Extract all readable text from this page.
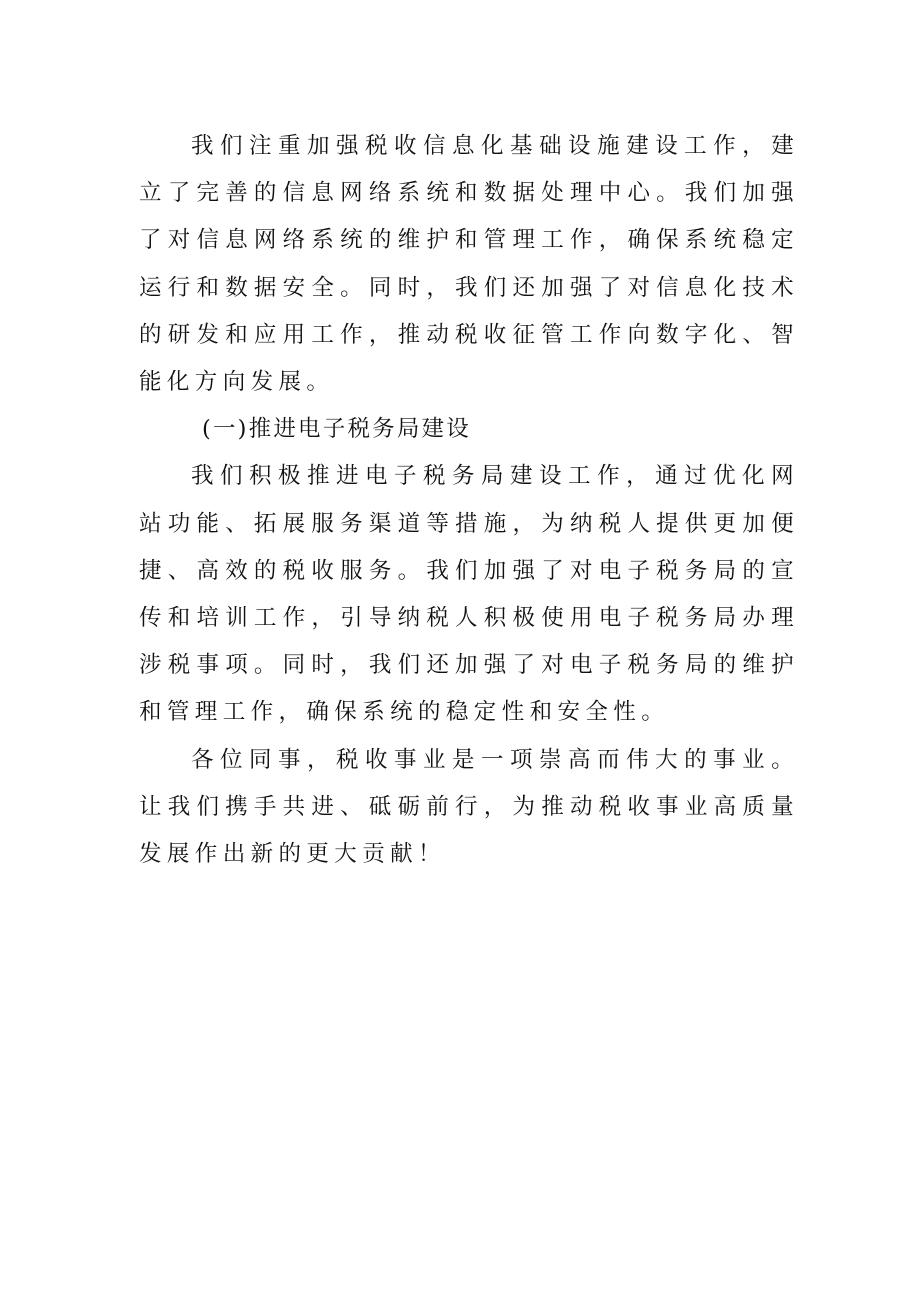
我们注重加强税收信息化基础设施建设工作，建立了完善的信息网络系统和数据处理中心。我们加强了对信息网络系统的维护和管理工作，确保系统稳定运行和数据安全。同时，我们还加强了对信息化技术的研发和应用工作，推动税收征管工作向数字化、智能化方向发展。

(一)推进电子税务局建设

我们积极推进电子税务局建设工作，通过优化网站功能、拓展服务渠道等措施，为纳税人提供更加便捷、高效的税收服务。我们加强了对电子税务局的宣传和培训工作，引导纳税人积极使用电子税务局办理涉税事项。同时，我们还加强了对电子税务局的维护和管理工作，确保系统的稳定性和安全性。

各位同事，税收事业是一项崇高而伟大的事业。让我们携手共进、砥砺前行，为推动税收事业高质量发展作出新的更大贡献！
